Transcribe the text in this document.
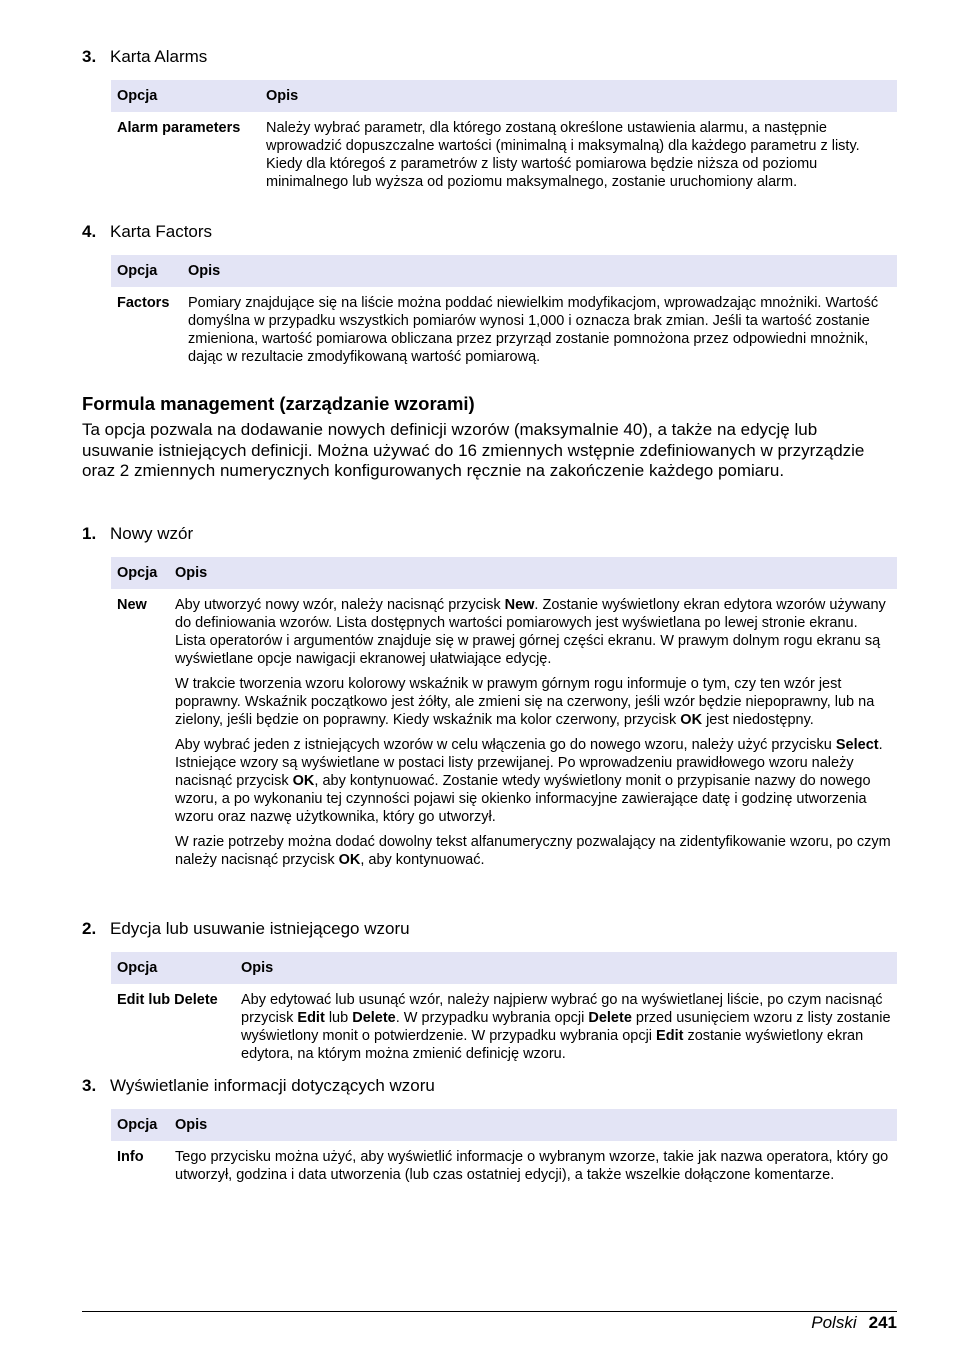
3. Karta Alarms
Opcja	Opis
Alarm parameters	Należy wybrać parametr, dla którego zostaną określone ustawienia alarmu, a następnie wprowadzić dopuszczalne wartości (minimalną i maksymalną) dla każdego parametru z listy. Kiedy dla któregoś z parametrów z listy wartość pomiarowa będzie niższa od poziomu minimalnego lub wyższa od poziomu maksymalnego, zostanie uruchomiony alarm.
4. Karta Factors
Opcja	Opis
Factors	Pomiary znajdujące się na liście można poddać niewielkim modyfikacjom, wprowadzając mnożniki. Wartość domyślna w przypadku wszystkich pomiarów wynosi 1,000 i oznacza brak zmian. Jeśli ta wartość zostanie zmieniona, wartość pomiarowa obliczana przez przyrząd zostanie pomnożona przez odpowiedni mnożnik, dając w rezultacie zmodyfikowaną wartość pomiarową.
Formula management (zarządzanie wzorami)

Ta opcja pozwala na dodawanie nowych definicji wzorów (maksymalnie 40), a także na edycję lub usuwanie istniejących definicji. Można używać do 16 zmiennych wstępnie zdefiniowanych w przyrządzie oraz 2 zmiennych numerycznych konfigurowanych ręcznie na zakończenie każdego pomiaru.

1. Nowy wzór
Opcja	Opis
New	Aby utworzyć nowy wzór, należy nacisnąć przycisk New. Zostanie wyświetlony ekran edytora wzorów używany do definiowania wzorów. Lista dostępnych wartości pomiarowych jest wyświetlana po lewej stronie ekranu. Lista operatorów i argumentów znajduje się w prawej górnej części ekranu. W prawym dolnym rogu ekranu są wyświetlane opcje nawigacji ekranowej ułatwiające edycję.

W trakcie tworzenia wzoru kolorowy wskaźnik w prawym górnym rogu informuje o tym, czy ten wzór jest poprawny. Wskaźnik początkowo jest żółty, ale zmieni się na czerwony, jeśli wzór będzie niepoprawny, lub na zielony, jeśli będzie on poprawny. Kiedy wskaźnik ma kolor czerwony, przycisk OK jest niedostępny.

Aby wybrać jeden z istniejących wzorów w celu włączenia go do nowego wzoru, należy użyć przycisku Select. Istniejące wzory są wyświetlane w postaci listy przewijanej. Po wprowadzeniu prawidłowego wzoru należy nacisnąć przycisk OK, aby kontynuować. Zostanie wtedy wyświetlony monit o przypisanie nazwy do nowego wzoru, a po wykonaniu tej czynności pojawi się okienko informacyjne zawierające datę i godzinę utworzenia wzoru oraz nazwę użytkownika, który go utworzył.

W razie potrzeby można dodać dowolny tekst alfanumeryczny pozwalający na zidentyfikowanie wzoru, po czym należy nacisnąć przycisk OK, aby kontynuować.

2. Edycja lub usuwanie istniejącego wzoru
Opcja	Opis
Edit lub Delete	Aby edytować lub usunąć wzór, należy najpierw wybrać go na wyświetlanej liście, po czym nacisnąć przycisk Edit lub Delete. W przypadku wybrania opcji Delete przed usunięciem wzoru z listy zostanie wyświetlony monit o potwierdzenie. W przypadku wybrania opcji Edit zostanie wyświetlony ekran edytora, na którym można zmienić definicję wzoru.
3. Wyświetlanie informacji dotyczących wzoru
Opcja	Opis
Info	Tego przycisku można użyć, aby wyświetlić informacje o wybranym wzorze, takie jak nazwa operatora, który go utworzył, godzina i data utworzenia (lub czas ostatniej edycji), a także wszelkie dołączone komentarze.
Polski 241
